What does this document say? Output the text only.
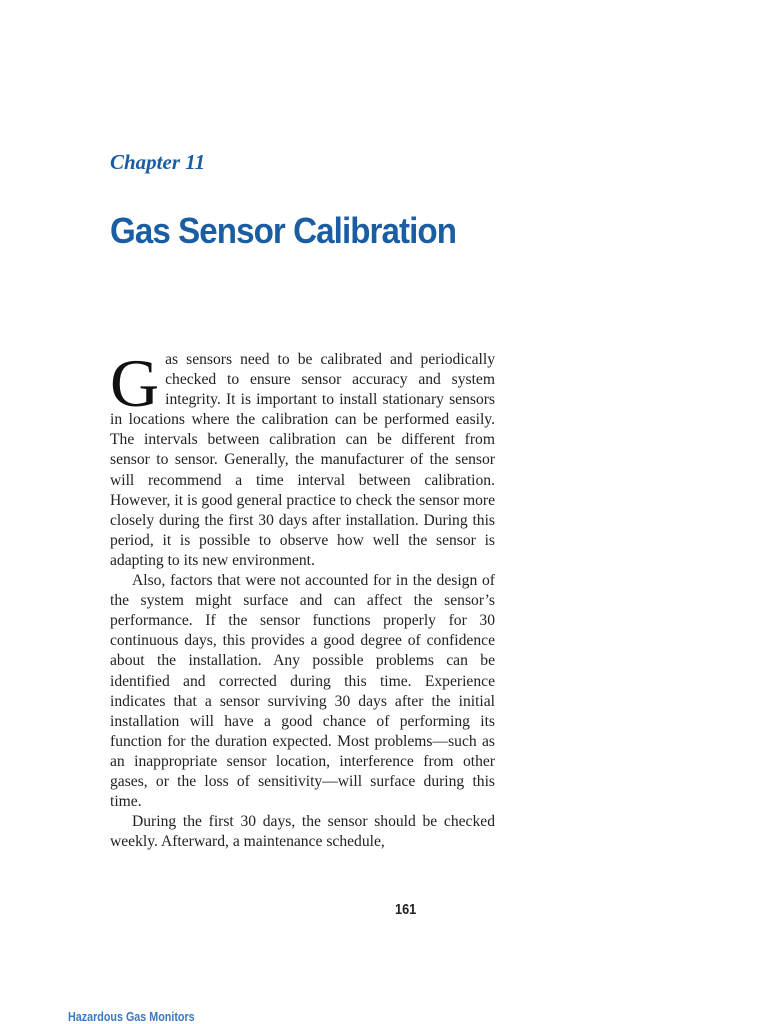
Chapter 11
Gas Sensor Calibration

Gas sensors need to be calibrated and periodically checked to ensure sensor accuracy and system integrity. It is important to install stationary sensors in locations where the calibration can be performed easily. The intervals between calibration can be different from sensor to sensor. Generally, the manufacturer of the sensor will recommend a time interval between calibration. However, it is good general practice to check the sensor more closely during the first 30 days after installation. During this period, it is possible to observe how well the sensor is adapting to its new environment.

Also, factors that were not accounted for in the design of the system might surface and can affect the sensor’s performance. If the sensor functions properly for 30 continuous days, this provides a good degree of confidence about the installation. Any possible problems can be identified and corrected during this time. Experience indicates that a sensor surviving 30 days after the initial installation will have a good chance of performing its function for the duration expected. Most problems—such as an inappropriate sensor location, interference from other gases, or the loss of sensitivity—will surface during this time.

During the first 30 days, the sensor should be checked weekly. Afterward, a maintenance schedule,

161
Hazardous Gas Monitors
